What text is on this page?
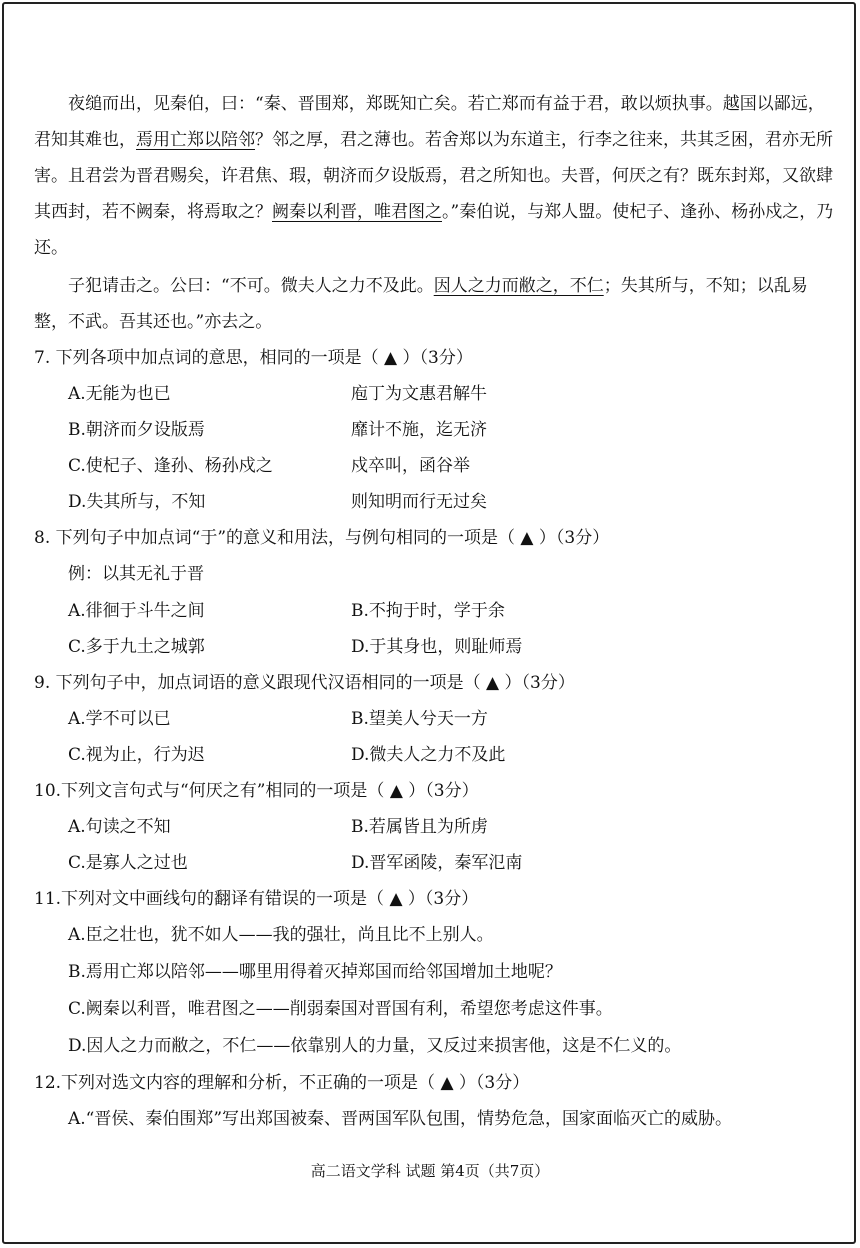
夜缒而出，见秦伯，曰：“秦、晋围郑，郑既知亡矣。若亡郑而有益于君，敢以烦执事。越国以鄙远，君知其难也，焉用亡郑以陪邻？邻之厚，君之薄也。若舍郑以为东道主，行李之往来，共其乏困，君亦无所害。且君尝为晋君赐矣，许君焦、瑕，朝济而夕设版焉，君之所知也。夫晋，何厌之有？既东封郑，又欲肆其西封，若不阙秦，将焉取之？阙秦以利晋，唯君图之。”秦伯说，与郑人盟。使杞子、逢孙、杨孙戍之，乃还。

子犯请击之。公曰：“不可。微夫人之力不及此。因人之力而敝之，不仁；失其所与，不知；以乱易整，不武。吾其还也。”亦去之。

7. 下列各项中加点词的意思，相同的一项是（ ▲ ）（3分）

A.无能为也已	庖丁为文惠君解牛
B.朝济而夕设版焉	靡计不施，迄无济
C.使杞子、逢孙、杨孙戍之	戍卒叫，函谷举
D.失其所与，不知	则知明而行无过矣

8. 下列句子中加点词“于”的意义和用法，与例句相同的一项是（ ▲ ）（3分）

例：以其无礼于晋
A.徘徊于斗牛之间	B.不拘于时，学于余
C.多于九土之城郭	D.于其身也，则耻师焉

9. 下列句子中，加点词语的意义跟现代汉语相同的一项是（ ▲ ）（3分）

A.学不可以已	B.望美人兮天一方
C.视为止，行为迟	D.微夫人之力不及此

10.下列文言句式与“何厌之有”相同的一项是（ ▲ ）（3分）

A.句读之不知	B.若属皆且为所虏
C.是寡人之过也	D.晋军函陵，秦军氾南

11.下列对文中画线句的翻译有错误的一项是（ ▲ ）（3分）

A.臣之壮也，犹不如人——我的强壮，尚且比不上别人。
B.焉用亡郑以陪邻——哪里用得着灭掉郑国而给邻国增加土地呢？
C.阙秦以利晋，唯君图之——削弱秦国对晋国有利，希望您考虑这件事。
D.因人之力而敝之，不仁——依靠别人的力量，又反过来损害他，这是不仁义的。

12.下列对选文内容的理解和分析，不正确的一项是（ ▲ ）（3分）

A.“晋侯、秦伯围郑”写出郑国被秦、晋两国军队包围，情势危急，国家面临灭亡的威胁。
高二语文学科 试题 第4页（共7页）
